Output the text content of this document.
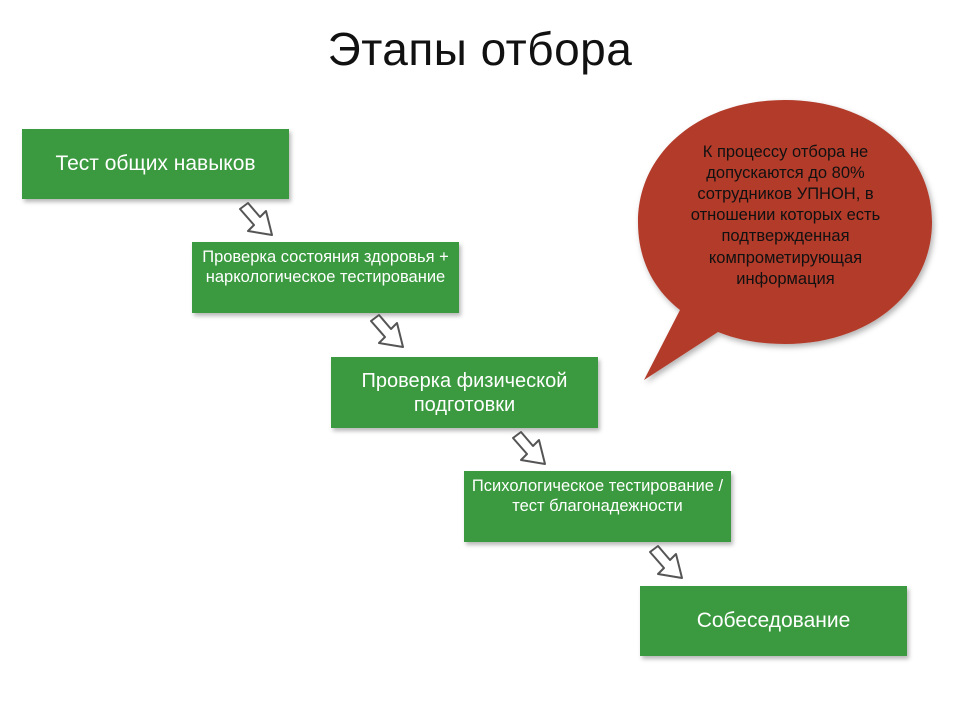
Этапы отбора
Тест общих навыков
Проверка состояния здоровья + наркологическое тестирование
Проверка физической подготовки
Психологическое тестирование / тест благонадежности
Собеседование
К процессу отбора не допускаются до 80% сотрудников УПНОН, в отношении которых есть подтвержденная компрометирующая информация
